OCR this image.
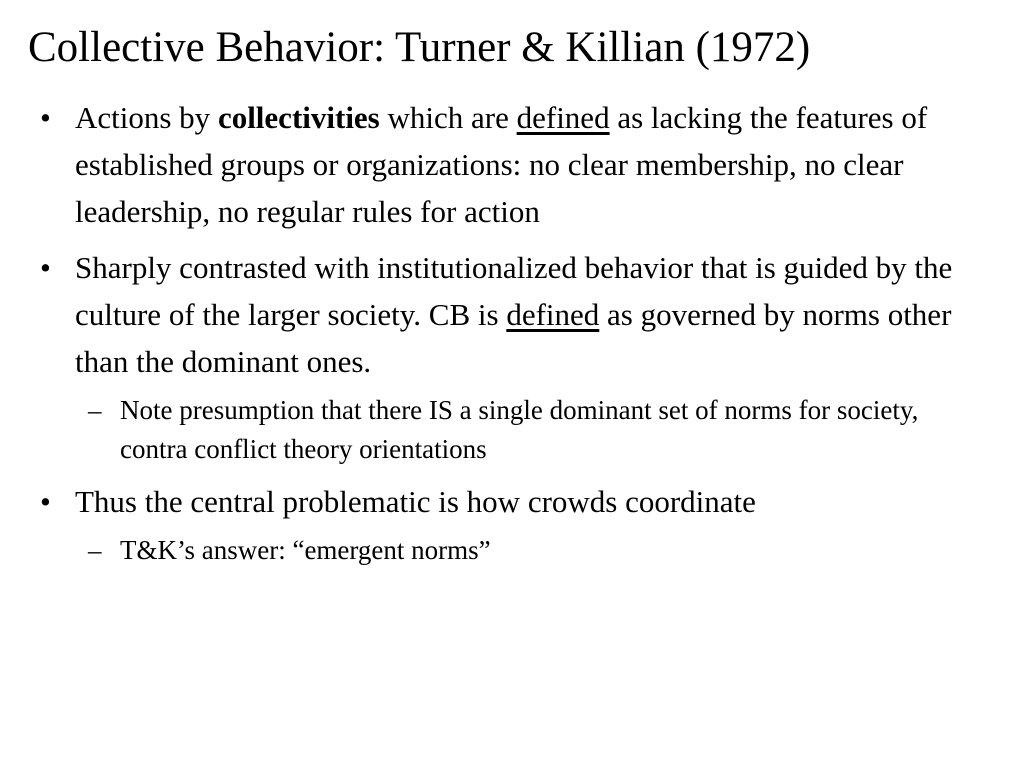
Collective Behavior: Turner & Killian (1972)
• Actions by collectivities which are defined as lacking the features of established groups or organizations: no clear membership, no clear leadership, no regular rules for action
• Sharply contrasted with institutionalized behavior that is guided by the culture of the larger society. CB is defined as governed by norms other than the dominant ones.
– Note presumption that there IS a single dominant set of norms for society, contra conflict theory orientations
• Thus the central problematic is how crowds coordinate
– T&K’s answer: “emergent norms”
